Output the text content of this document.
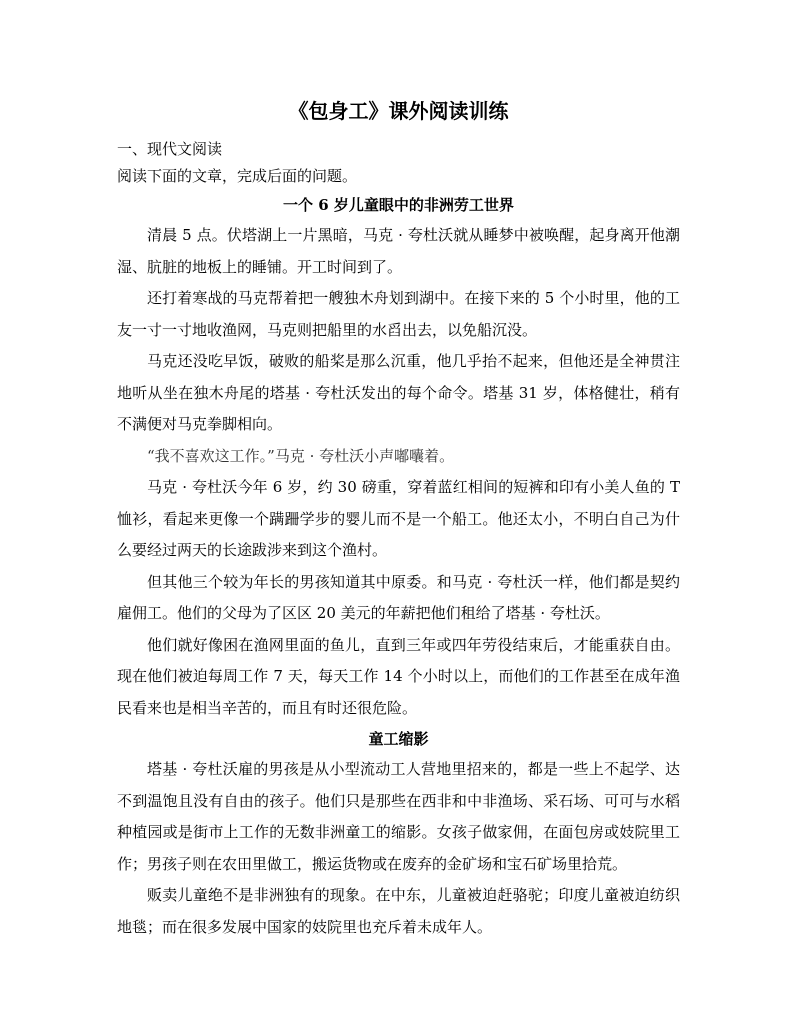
《包身工》课外阅读训练

一、现代文阅读

阅读下面的文章，完成后面的问题。

一个 6 岁儿童眼中的非洲劳工世界

清晨 5 点。伏塔湖上一片黑暗，马克 · 夸杜沃就从睡梦中被唤醒，起身离开他潮湿、肮脏的地板上的睡铺。开工时间到了。

还打着寒战的马克帮着把一艘独木舟划到湖中。在接下来的 5 个小时里，他的工友一寸一寸地收渔网，马克则把船里的水舀出去，以免船沉没。

马克还没吃早饭，破败的船桨是那么沉重，他几乎抬不起来，但他还是全神贯注地听从坐在独木舟尾的塔基 · 夸杜沃发出的每个命令。塔基 31 岁，体格健壮，稍有不满便对马克拳脚相向。

“我不喜欢这工作。”马克 · 夸杜沃小声嘟囔着。

马克 · 夸杜沃今年 6 岁，约 30 磅重，穿着蓝红相间的短裤和印有小美人鱼的 T 恤衫，看起来更像一个蹒跚学步的婴儿而不是一个船工。他还太小，不明白自己为什么要经过两天的长途跋涉来到这个渔村。

但其他三个较为年长的男孩知道其中原委。和马克 · 夸杜沃一样，他们都是契约雇佣工。他们的父母为了区区 20 美元的年薪把他们租给了塔基 · 夸杜沃。

他们就好像困在渔网里面的鱼儿，直到三年或四年劳役结束后，才能重获自由。现在他们被迫每周工作 7 天，每天工作 14 个小时以上，而他们的工作甚至在成年渔民看来也是相当辛苦的，而且有时还很危险。

童工缩影

塔基 · 夸杜沃雇的男孩是从小型流动工人营地里招来的，都是一些上不起学、达不到温饱且没有自由的孩子。他们只是那些在西非和中非渔场、采石场、可可与水稻种植园或是街市上工作的无数非洲童工的缩影。女孩子做家佣，在面包房或妓院里工作；男孩子则在农田里做工，搬运货物或在废弃的金矿场和宝石矿场里拾荒。

贩卖儿童绝不是非洲独有的现象。在中东，儿童被迫赶骆驼；印度儿童被迫纺织地毯；而在很多发展中国家的妓院里也充斥着未成年人。
